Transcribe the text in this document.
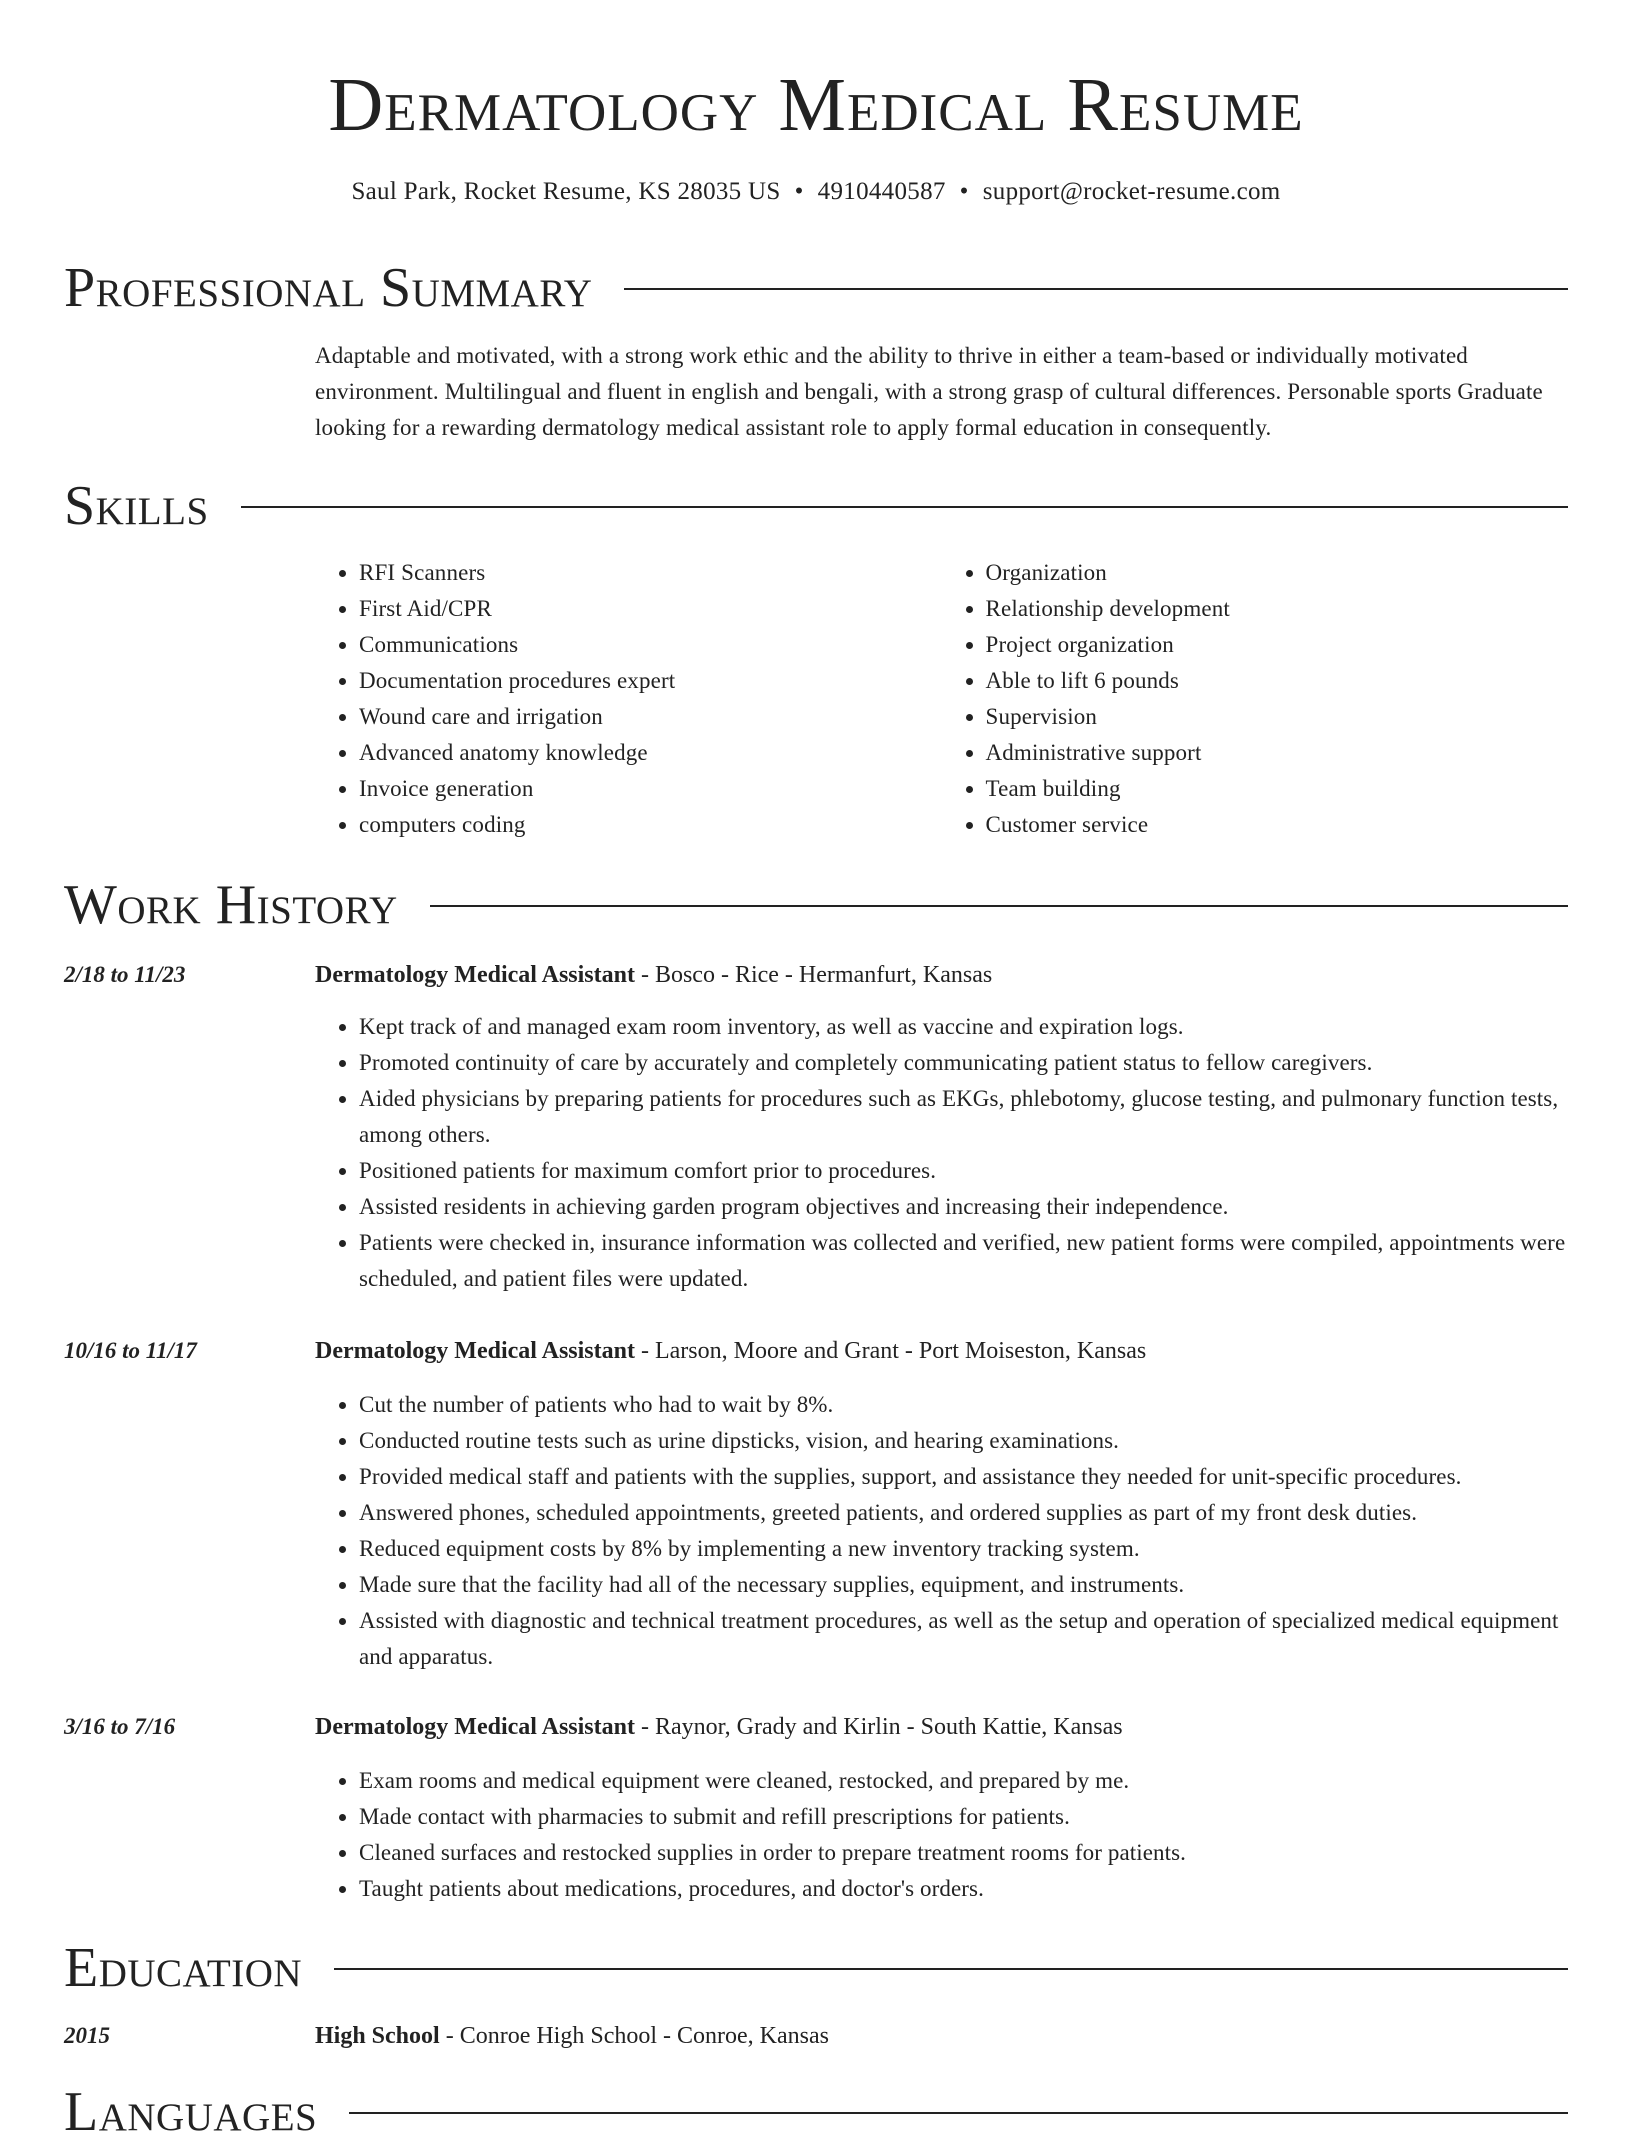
Dermatology Medical Resume
Saul Park, Rocket Resume, KS 28035 US • 4910440587 • support@rocket-resume.com
Professional Summary

Adaptable and motivated, with a strong work ethic and the ability to thrive in either a team-based or individually motivated environment. Multilingual and fluent in english and bengali, with a strong grasp of cultural differences. Personable sports Graduate looking for a rewarding dermatology medical assistant role to apply formal education in consequently.

Skills
• RFI Scanners
• First Aid/CPR
• Communications
• Documentation procedures expert
• Wound care and irrigation
• Advanced anatomy knowledge
• Invoice generation
• computers coding
• Organization
• Relationship development
• Project organization
• Able to lift 6 pounds
• Supervision
• Administrative support
• Team building
• Customer service
Work History
2/18 to 11/23	Dermatology Medical Assistant - Bosco - Rice - Hermanfurt, Kansas
• Kept track of and managed exam room inventory, as well as vaccine and expiration logs.
• Promoted continuity of care by accurately and completely communicating patient status to fellow caregivers.
• Aided physicians by preparing patients for procedures such as EKGs, phlebotomy, glucose testing, and pulmonary function tests, among others.
• Positioned patients for maximum comfort prior to procedures.
• Assisted residents in achieving garden program objectives and increasing their independence.
• Patients were checked in, insurance information was collected and verified, new patient forms were compiled, appointments were scheduled, and patient files were updated.
10/16 to 11/17	Dermatology Medical Assistant - Larson, Moore and Grant - Port Moiseston, Kansas
• Cut the number of patients who had to wait by 8%.
• Conducted routine tests such as urine dipsticks, vision, and hearing examinations.
• Provided medical staff and patients with the supplies, support, and assistance they needed for unit-specific procedures.
• Answered phones, scheduled appointments, greeted patients, and ordered supplies as part of my front desk duties.
• Reduced equipment costs by 8% by implementing a new inventory tracking system.
• Made sure that the facility had all of the necessary supplies, equipment, and instruments.
• Assisted with diagnostic and technical treatment procedures, as well as the setup and operation of specialized medical equipment and apparatus.
3/16 to 7/16	Dermatology Medical Assistant - Raynor, Grady and Kirlin - South Kattie, Kansas
• Exam rooms and medical equipment were cleaned, restocked, and prepared by me.
• Made contact with pharmacies to submit and refill prescriptions for patients.
• Cleaned surfaces and restocked supplies in order to prepare treatment rooms for patients.
• Taught patients about medications, procedures, and doctor's orders.
Education
2015	High School - Conroe High School - Conroe, Kansas
Languages
